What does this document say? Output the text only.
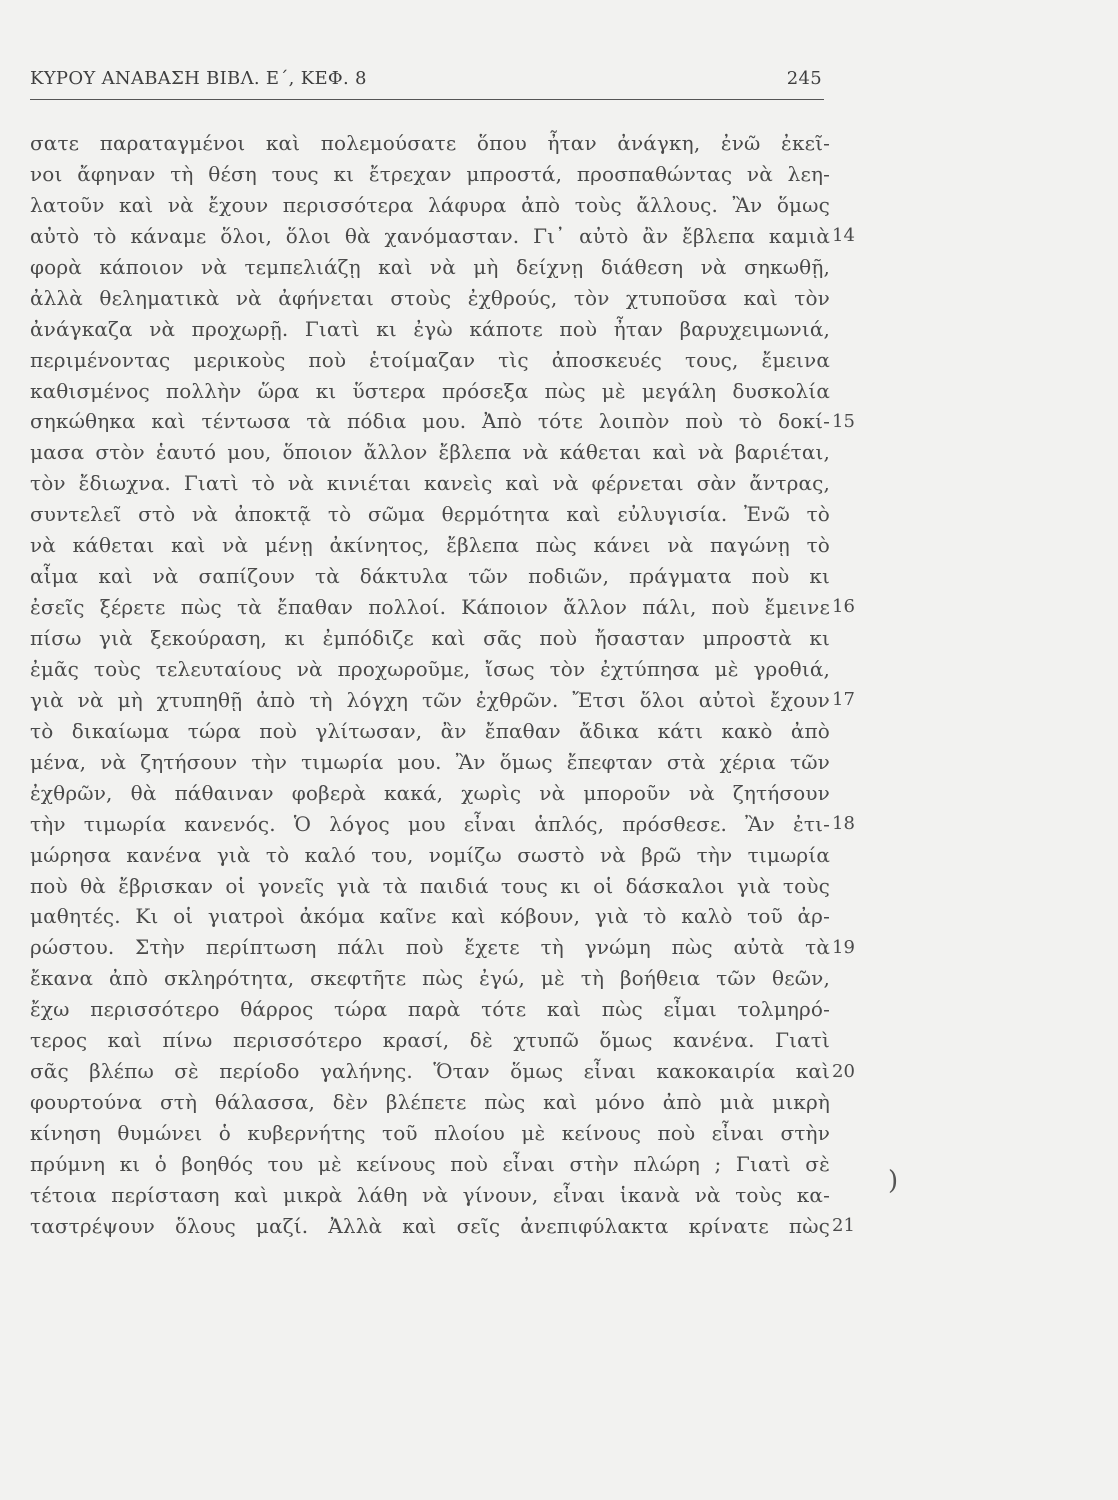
ΚΥΡΟΥ ΑΝΑΒΑΣΗ ΒΙΒΛ. Ε΄, ΚΕΦ. 8	245
σατε παραταγμένοι καὶ πολεμούσατε ὅπου ἦταν ἀνάγκη, ἐνῶ ἐκεῖ-
νοι ἄφηναν τὴ θέση τους κι ἔτρεχαν μπροστά, προσπαθώντας νὰ λεη-
λατοῦν καὶ νὰ ἔχουν περισσότερα λάφυρα ἀπὸ τοὺς ἄλλους. Ἂν ὅμως
αὐτὸ τὸ κάναμε ὅλοι, ὅλοι θὰ χανόμασταν. Γι᾽ αὐτὸ ἂν ἔβλεπα καμιὰ
φορὰ κάποιον νὰ τεμπελιάζῃ καὶ νὰ μὴ δείχνῃ διάθεση νὰ σηκωθῇ,
ἀλλὰ θεληματικὰ νὰ ἀφήνεται στοὺς ἐχθρούς, τὸν χτυποῦσα καὶ τὸν
ἀνάγκαζα νὰ προχωρῇ. Γιατὶ κι ἐγὼ κάποτε ποὺ ἦταν βαρυχειμωνιά,
περιμένοντας μερικοὺς ποὺ ἑτοίμαζαν τὶς ἀποσκευές τους, ἔμεινα
καθισμένος πολλὴν ὥρα κι ὕστερα πρόσεξα πὼς μὲ μεγάλη δυσκολία
σηκώθηκα καὶ τέντωσα τὰ πόδια μου. Ἀπὸ τότε λοιπὸν ποὺ τὸ δοκί-
μασα στὸν ἑαυτό μου, ὅποιον ἄλλον ἔβλεπα νὰ κάθεται καὶ νὰ βαριέται,
τὸν ἔδιωχνα. Γιατὶ τὸ νὰ κινιέται κανεὶς καὶ νὰ φέρνεται σὰν ἄντρας,
συντελεῖ στὸ νὰ ἀποκτᾷ τὸ σῶμα θερμότητα καὶ εὐλυγισία. Ἐνῶ τὸ
νὰ κάθεται καὶ νὰ μένῃ ἀκίνητος, ἔβλεπα πὼς κάνει νὰ παγώνῃ τὸ
αἷμα καὶ νὰ σαπίζουν τὰ δάκτυλα τῶν ποδιῶν, πράγματα ποὺ κι
ἐσεῖς ξέρετε πὼς τὰ ἔπαθαν πολλοί. Κάποιον ἄλλον πάλι, ποὺ ἔμεινε
πίσω γιὰ ξεκούραση, κι ἐμπόδιζε καὶ σᾶς ποὺ ἤσασταν μπροστὰ κι
ἐμᾶς τοὺς τελευταίους νὰ προχωροῦμε, ἴσως τὸν ἐχτύπησα μὲ γροθιά,
γιὰ νὰ μὴ χτυπηθῇ ἀπὸ τὴ λόγχη τῶν ἐχθρῶν. Ἔτσι ὅλοι αὐτοὶ ἔχουν
τὸ δικαίωμα τώρα ποὺ γλίτωσαν, ἂν ἔπαθαν ἄδικα κάτι κακὸ ἀπὸ
μένα, νὰ ζητήσουν τὴν τιμωρία μου. Ἂν ὅμως ἔπεφταν στὰ χέρια τῶν
ἐχθρῶν, θὰ πάθαιναν φοβερὰ κακά, χωρὶς νὰ μποροῦν νὰ ζητήσουν
τὴν τιμωρία κανενός. Ὁ λόγος μου εἶναι ἁπλός, πρόσθεσε. Ἂν ἐτι-
μώρησα κανένα γιὰ τὸ καλό του, νομίζω σωστὸ νὰ βρῶ τὴν τιμωρία
ποὺ θὰ ἔβρισκαν οἱ γονεῖς γιὰ τὰ παιδιά τους κι οἱ δάσκαλοι γιὰ τοὺς
μαθητές. Κι οἱ γιατροὶ ἀκόμα καῖνε καὶ κόβουν, γιὰ τὸ καλὸ τοῦ ἀρ-
ρώστου. Στὴν περίπτωση πάλι ποὺ ἔχετε τὴ γνώμη πὼς αὐτὰ τὰ
ἔκανα ἀπὸ σκληρότητα, σκεφτῆτε πὼς ἐγώ, μὲ τὴ βοήθεια τῶν θεῶν,
ἔχω περισσότερο θάρρος τώρα παρὰ τότε καὶ πὼς εἶμαι τολμηρό-
τερος καὶ πίνω περισσότερο κρασί, δὲ χτυπῶ ὅμως κανένα. Γιατὶ
σᾶς βλέπω σὲ περίοδο γαλήνης. Ὅταν ὅμως εἶναι κακοκαιρία καὶ
φουρτούνα στὴ θάλασσα, δὲν βλέπετε πὼς καὶ μόνο ἀπὸ μιὰ μικρὴ
κίνηση θυμώνει ὁ κυβερνήτης τοῦ πλοίου μὲ κείνους ποὺ εἶναι στὴν
πρύμνη κι ὁ βοηθός του μὲ κείνους ποὺ εἶναι στὴν πλώρη ; Γιατὶ σὲ
τέτοια περίσταση καὶ μικρὰ λάθη νὰ γίνουν, εἶναι ἱκανὰ νὰ τοὺς κα-
ταστρέψουν ὅλους μαζί. Ἀλλὰ καὶ σεῖς ἀνεπιφύλακτα κρίνατε πὼς
14
15
16
17
18
19
20
21
)
